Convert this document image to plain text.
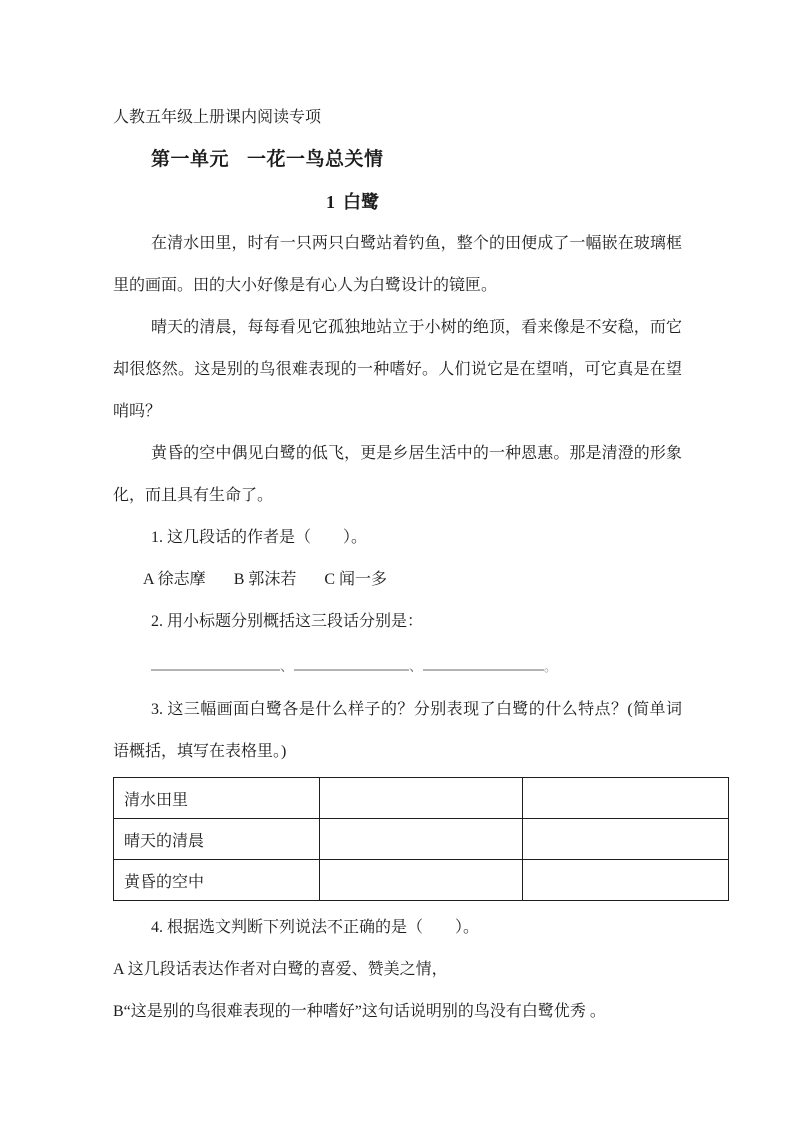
人教五年级上册课内阅读专项

第一单元 一花一鸟总关情

1 白鹭

在清水田里，时有一只两只白鹭站着钓鱼，整个的田便成了一幅嵌在玻璃框里的画面。田的大小好像是有心人为白鹭设计的镜匣。

晴天的清晨，每每看见它孤独地站立于小树的绝顶，看来像是不安稳，而它却很悠然。这是别的鸟很难表现的一种嗜好。人们说它是在望哨，可它真是在望哨吗？

黄昏的空中偶见白鹭的低飞，更是乡居生活中的一种恩惠。那是清澄的形象化，而且具有生命了。

1. 这几段话的作者是（　　）。

A 徐志摩 B 郭沫若 C 闻一多

2. 用小标题分别概括这三段话分别是：

、	、	。

3. 这三幅画面白鹭各是什么样子的？分别表现了白鹭的什么特点？(简单词语概括，填写在表格里。)

清水田里		
晴天的清晨		
黄昏的空中		

4. 根据选文判断下列说法不正确的是（　　）。

A 这几段话表达作者对白鹭的喜爱、赞美之情，

B“这是别的鸟很难表现的一种嗜好”这句话说明别的鸟没有白鹭优秀 。
